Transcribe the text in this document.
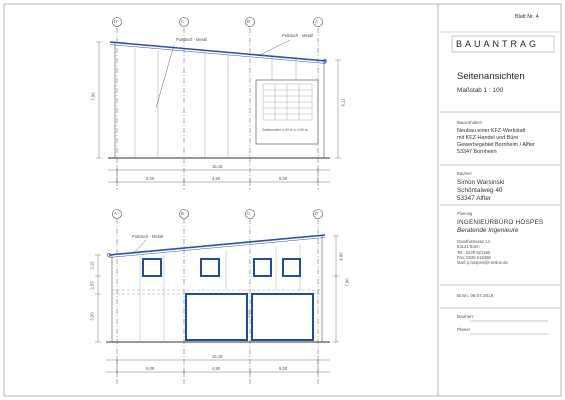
Blatt Nr. 4
D	C	B	A
Pultdach - Metall
Pultdach - Metall
Sektionaltor 4,00 m x 4,00 m
7,90
6,11
15,15
5,00	4,90	5,00
A	B	C	D
Pultdach - Metall
2,15
2,55
3,00
4,80
7,90
3,15
15,15
5,00	4,90	5,00
BAUANTRAG
Seitenansichten
Maßstab 1 : 100
Bauvorhaben
Neubau einer KFZ-Werkstatt
mit KFZ-Handel und Büro
Gewerbegebiet Bornheim / Alfter
53347 Bornheim
Bauherr
Simon Warsinski
Schöntalweg 40
53347 Alfter
Planung
INGENIEURBÜRO HOSPES
Beratende Ingenieure
Gandhistrasse 14
53121 Bonn
Tel.: 0228 621196
Fax: 0228 616468
Mail: p.hospes@t-online.de
Bonn, 06.07.2016
Bauherr
Planer
